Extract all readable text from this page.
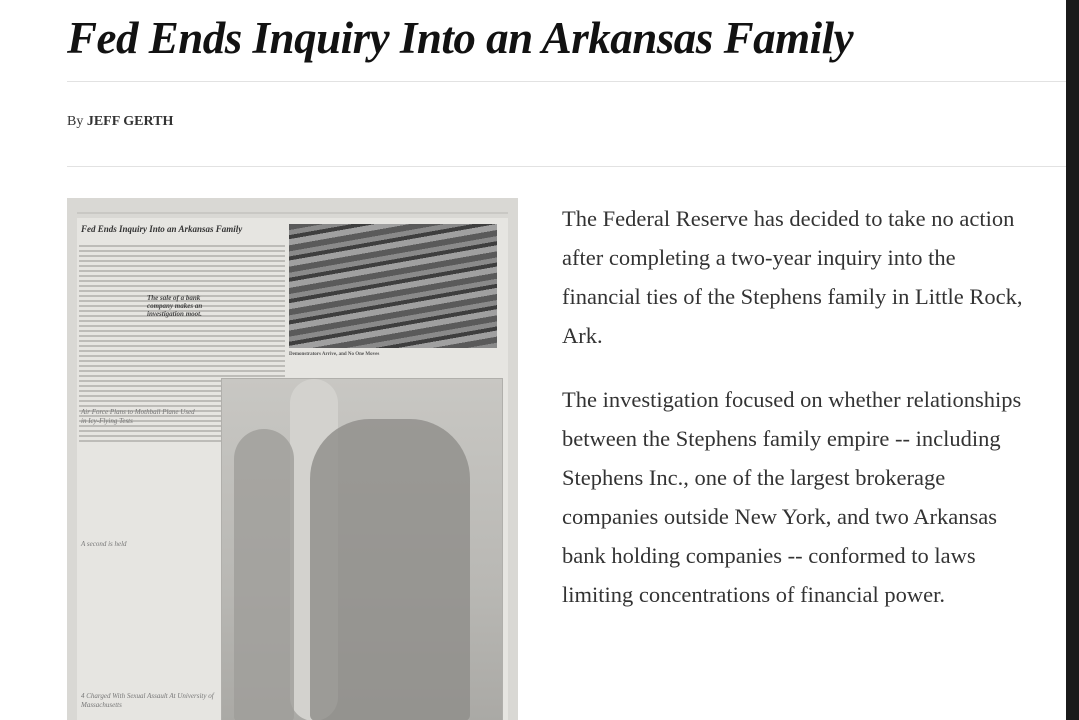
Fed Ends Inquiry Into an Arkansas Family
By JEFF GERTH
Fed Ends Inquiry Into an Arkansas Family
The sale of a bank company makes an investigation moot.
Air Force Plans to Mothball Plane Used in Icy-Flying Tests
A second is held
4 Charged With Sexual Assault At University of Massachusetts
Demonstrators Arrive, and No One Moves

The Federal Reserve has decided to take no action after completing a two-year inquiry into the financial ties of the Stephens family in Little Rock, Ark.

The investigation focused on whether relationships between the Stephens family empire -- including Stephens Inc., one of the largest brokerage companies outside New York, and two Arkansas bank holding companies -- conformed to laws limiting concentrations of financial power.
